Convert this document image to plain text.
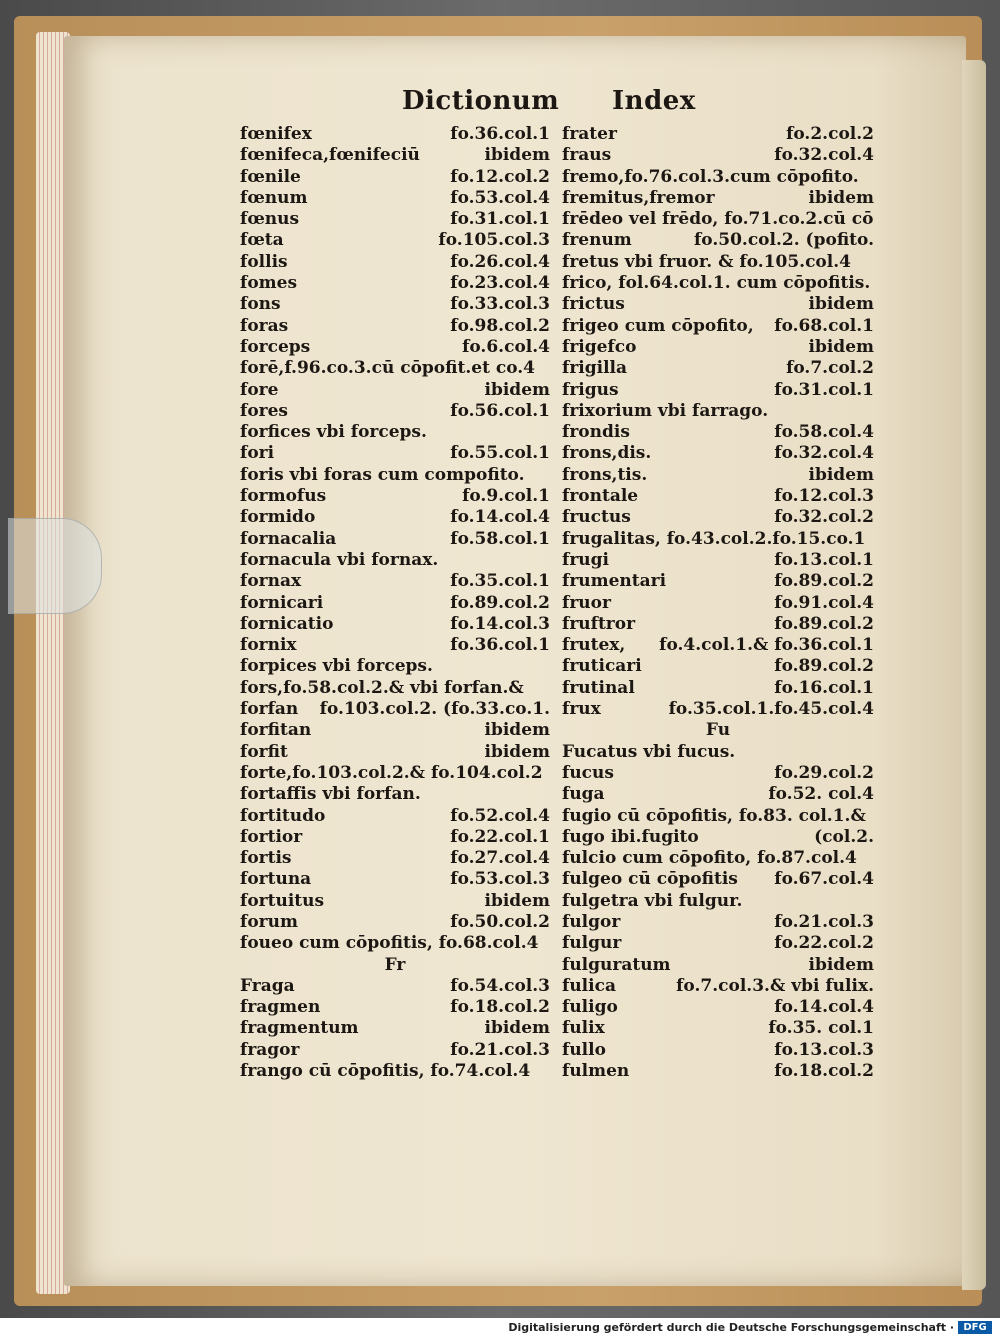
Dictionum Index
fœnifex	fo.36.col.1
fœnifeca,fœnifeciū	ibidem
fœnile	fo.12.col.2
fœnum	fo.53.col.4
fœnus	fo.31.col.1
fœta	fo.105.col.3
follis	fo.26.col.4
fomes	fo.23.col.4
fons	fo.33.col.3
foras	fo.98.col.2
forceps	fo.6.col.4
forē,f.96.co.3.cū cōpofit.et co.4
fore	ibidem
fores	fo.56.col.1
forfices vbi forceps.
fori	fo.55.col.1
foris vbi foras cum compofito.
formofus	fo.9.col.1
formido	fo.14.col.4
fornacalia	fo.58.col.1
fornacula vbi fornax.
fornax	fo.35.col.1
fornicari	fo.89.col.2
fornicatio	fo.14.col.3
fornix	fo.36.col.1
forpices vbi forceps.
fors,fo.58.col.2.& vbi forfan.&
forfan fo.103.col.2. (fo.33.co.1.
forfitan	ibidem
forfit	ibidem
forte,fo.103.col.2.& fo.104.col.2
fortaffis vbi forfan.
fortitudo	fo.52.col.4
fortior	fo.22.col.1
fortis	fo.27.col.4
fortuna	fo.53.col.3
fortuitus	ibidem
forum	fo.50.col.2
foueo cum cōpofitis, fo.68.col.4
Fr
Fraga	fo.54.col.3
fragmen	fo.18.col.2
fragmentum	ibidem
fragor	fo.21.col.3
frango cū cōpofitis, fo.74.col.4
frater	fo.2.col.2
fraus	fo.32.col.4
fremo,fo.76.col.3.cum cōpofito.
fremitus,fremor	ibidem
frēdeo vel frēdo, fo.71.co.2.cū cō
frenum	fo.50.col.2. (pofito.
fretus vbi fruor. & fo.105.col.4
frico, fol.64.col.1. cum cōpofitis.
frictus	ibidem
frigeo cum cōpofito, fo.68.col.1
frigefco	ibidem
frigilla	fo.7.col.2
frigus	fo.31.col.1
frixorium vbi farrago.
frondis	fo.58.col.4
frons,dis.	fo.32.col.4
frons,tis.	ibidem
frontale	fo.12.col.3
fructus	fo.32.col.2
frugalitas, fo.43.col.2.fo.15.co.1
frugi	fo.13.col.1
frumentari	fo.89.col.2
fruor	fo.91.col.4
fruftror	fo.89.col.2
frutex, fo.4.col.1.& fo.36.col.1
fruticari	fo.89.col.2
frutinal	fo.16.col.1
frux	fo.35.col.1.fo.45.col.4
Fu
Fucatus vbi fucus.
fucus	fo.29.col.2
fuga	fo.52. col.4
fugio cū cōpofitis, fo.83. col.1.&
fugo ibi.fugito	(col.2.
fulcio cum cōpofito, fo.87.col.4
fulgeo cū cōpofitis fo.67.col.4
fulgetra vbi fulgur.
fulgor	fo.21.col.3
fulgur	fo.22.col.2
fulguratum	ibidem
fulica	fo.7.col.3.& vbi fulix.
fuligo	fo.14.col.4
fulix	fo.35. col.1
fullo	fo.13.col.3
fulmen	fo.18.col.2
Digitalisierung gefördert durch die Deutsche Forschungsgemeinschaft · DFG
